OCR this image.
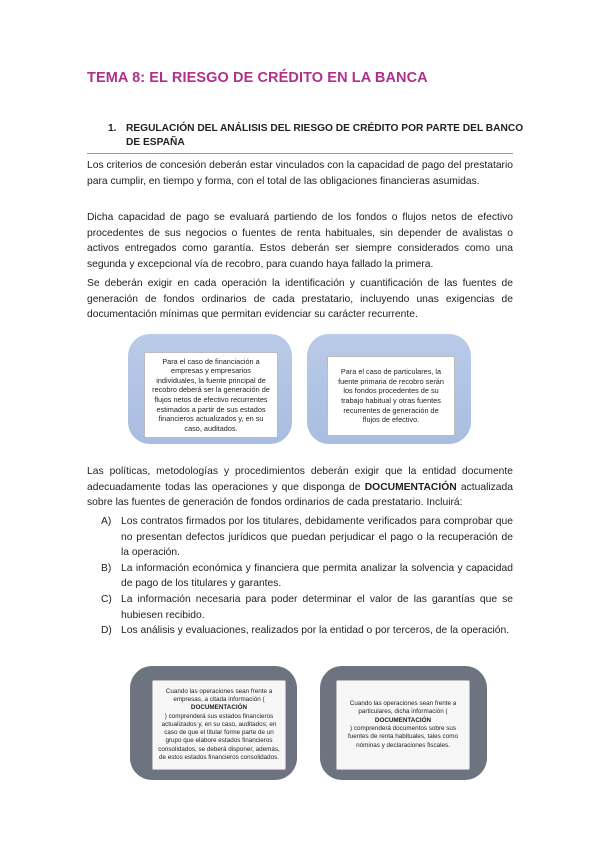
TEMA 8: EL RIESGO DE CRÉDITO EN LA BANCA
1. REGULACIÓN DEL ANÁLISIS DEL RIESGO DE CRÉDITO POR PARTE DEL BANCO DE ESPAÑA

Los criterios de concesión deberán estar vinculados con la capacidad de pago del prestatario para cumplir, en tiempo y forma, con el total de las obligaciones financieras asumidas.

Dicha capacidad de pago se evaluará partiendo de los fondos o flujos netos de efectivo procedentes de sus negocios o fuentes de renta habituales, sin depender de avalistas o activos entregados como garantía. Estos deberán ser siempre considerados como una segunda y excepcional vía de recobro, para cuando haya fallado la primera.

Se deberán exigir en cada operación la identificación y cuantificación de las fuentes de generación de fondos ordinarios de cada prestatario, incluyendo unas exigencias de documentación mínimas que permitan evidenciar su carácter recurrente.

Para el caso de financiación a empresas y empresarios individuales, la fuente principal de recobro deberá ser la generación de flujos netos de efectivo recurrentes estimados a partir de sus estados financieros actualizados y, en su caso, auditados.
Para el caso de particulares, la fuente primaria de recobro serán los fondos procedentes de su trabajo habitual y otras fuentes recurrentes de generación de flujos de efectivo.

Las políticas, metodologías y procedimientos deberán exigir que la entidad documente adecuadamente todas las operaciones y que disponga de DOCUMENTACIÓN actualizada sobre las fuentes de generación de fondos ordinarios de cada prestatario. Incluirá:

A) Los contratos firmados por los titulares, debidamente verificados para comprobar que no presentan defectos jurídicos que puedan perjudicar el pago o la recuperación de la operación.
B) La información económica y financiera que permita analizar la solvencia y capacidad de pago de los titulares y garantes.
C) La información necesaria para poder determinar el valor de las garantías que se hubiesen recibido.
D) Los análisis y evaluaciones, realizados por la entidad o por terceros, de la operación.
Cuando las operaciones sean frente a empresas, a citada información (
DOCUMENTACIÓN
) comprenderá sus estados financieros actualizados y, en su caso, auditados; en caso de que el titular forme parte de un grupo que elabore estados financieros consolidados, se deberá disponer, además, de estos estados financieros consolidados.
Cuando las operaciones sean frente a particulares, dicha información (
DOCUMENTACIÓN
) comprenderá documentos sobre sus fuentes de renta habituales, tales como nóminas y declaraciones fiscales.
